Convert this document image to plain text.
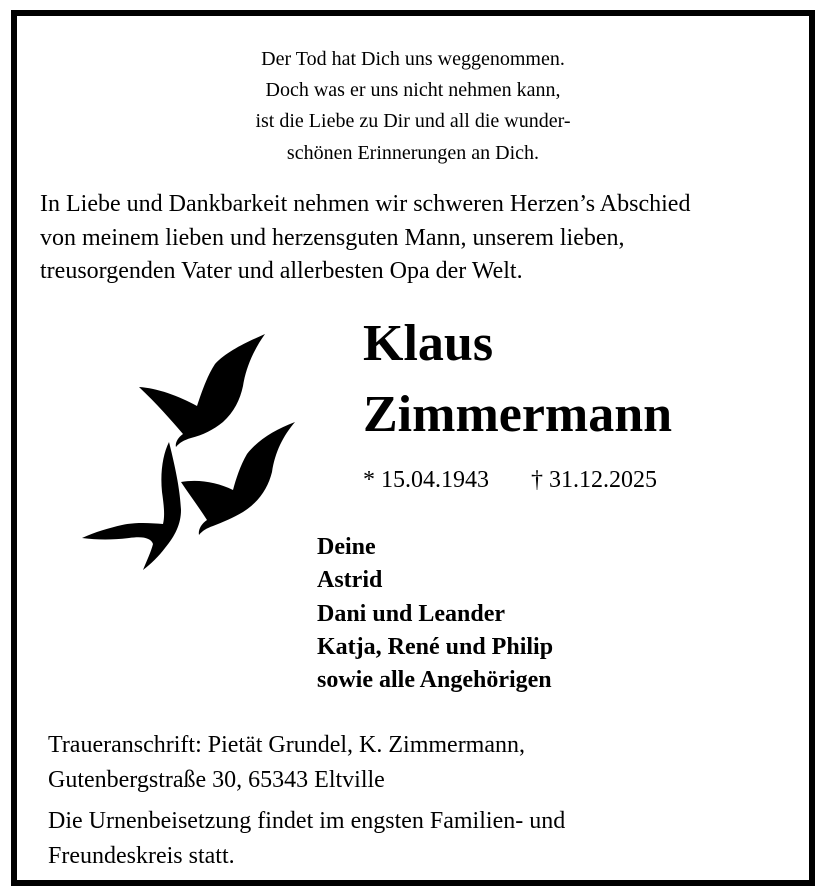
Der Tod hat Dich uns weggenommen.
Doch was er uns nicht nehmen kann,
ist die Liebe zu Dir und all die wunder-
schönen Erinnerungen an Dich.
In Liebe und Dankbarkeit nehmen wir schweren Herzen’s Abschied
von meinem lieben und herzensguten Mann, unserem lieben,
treusorgenden Vater und allerbesten Opa der Welt.
Klaus
Zimmermann
* 15.04.1943 † 31.12.2025
Deine
Astrid
Dani und Leander
Katja, René und Philip
sowie alle Angehörigen
Traueranschrift: Pietät Grundel, K. Zimmermann,
Gutenbergstraße 30, 65343 Eltville
Die Urnenbeisetzung findet im engsten Familien- und
Freundeskreis statt.
